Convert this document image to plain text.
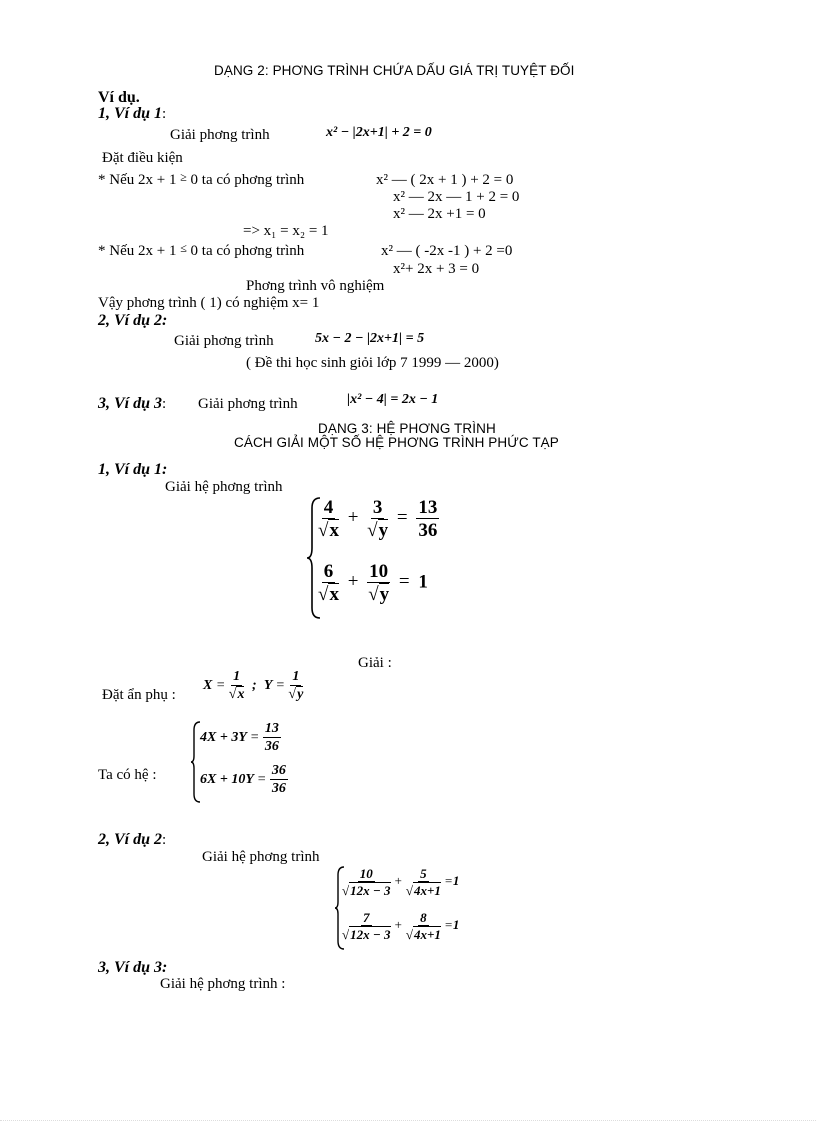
DẠNG 2: PHƠNG TRÌNH CHỨA DẤU GIÁ TRỊ TUYỆT ĐỐI
Ví dụ.
1, Ví dụ 1:
Giải phơng trình	x² − |2x+1| + 2 = 0
Đặt điều kiện
* Nếu 2x + 1 ≥ 0 ta có phơng trình	x² — ( 2x + 1 ) + 2 = 0
x² — 2x — 1 + 2 = 0
x² — 2x +1 = 0
=> x₁ = x₂ = 1
* Nếu 2x + 1 ≤ 0 ta có phơng trình	x² — ( -2x -1 ) + 2 =0
x²+ 2x + 3 = 0
Phơng trình vô nghiệm
Vậy phơng trình ( 1) có nghiệm x= 1
2, Ví dụ 2:
Giải phơng trình	5x − 2 − |2x+1| = 5
( Đề thi học sinh giỏi lớp 7 1999 — 2000)
3, Ví dụ 3: Giải phơng trình	|x² − 4| = 2x − 1
DẠNG 3: HỆ PHƠNG TRÌNH
CÁCH GIẢI MỘT SỐ HỆ PHƠNG TRÌNH PHỨC TẠP
1, Ví dụ 1:
Giải hệ phơng trình
$\frac{4}{√x} + \frac{3}{√y} = \frac{13}{36}$
$\frac{6}{√x} + \frac{10}{√y} = 1$
Giải :
Đặt ẩn phụ :
$X = \frac{1}{√x}$ ; $Y = \frac{1}{√y}$
Ta có hệ :
$4X + 3Y = \frac{13}{36}$
$6X + 10Y = \frac{36}{36}$
2, Ví dụ 2:
Giải hệ phơng trình
$\frac{10}{√12x - 3} + \frac{5}{√4x+1} =1$
$\frac{7}{√12x - 3} + \frac{8}{√4x+1} =1$
3, Ví dụ 3:
Giải hệ phơng trình :
